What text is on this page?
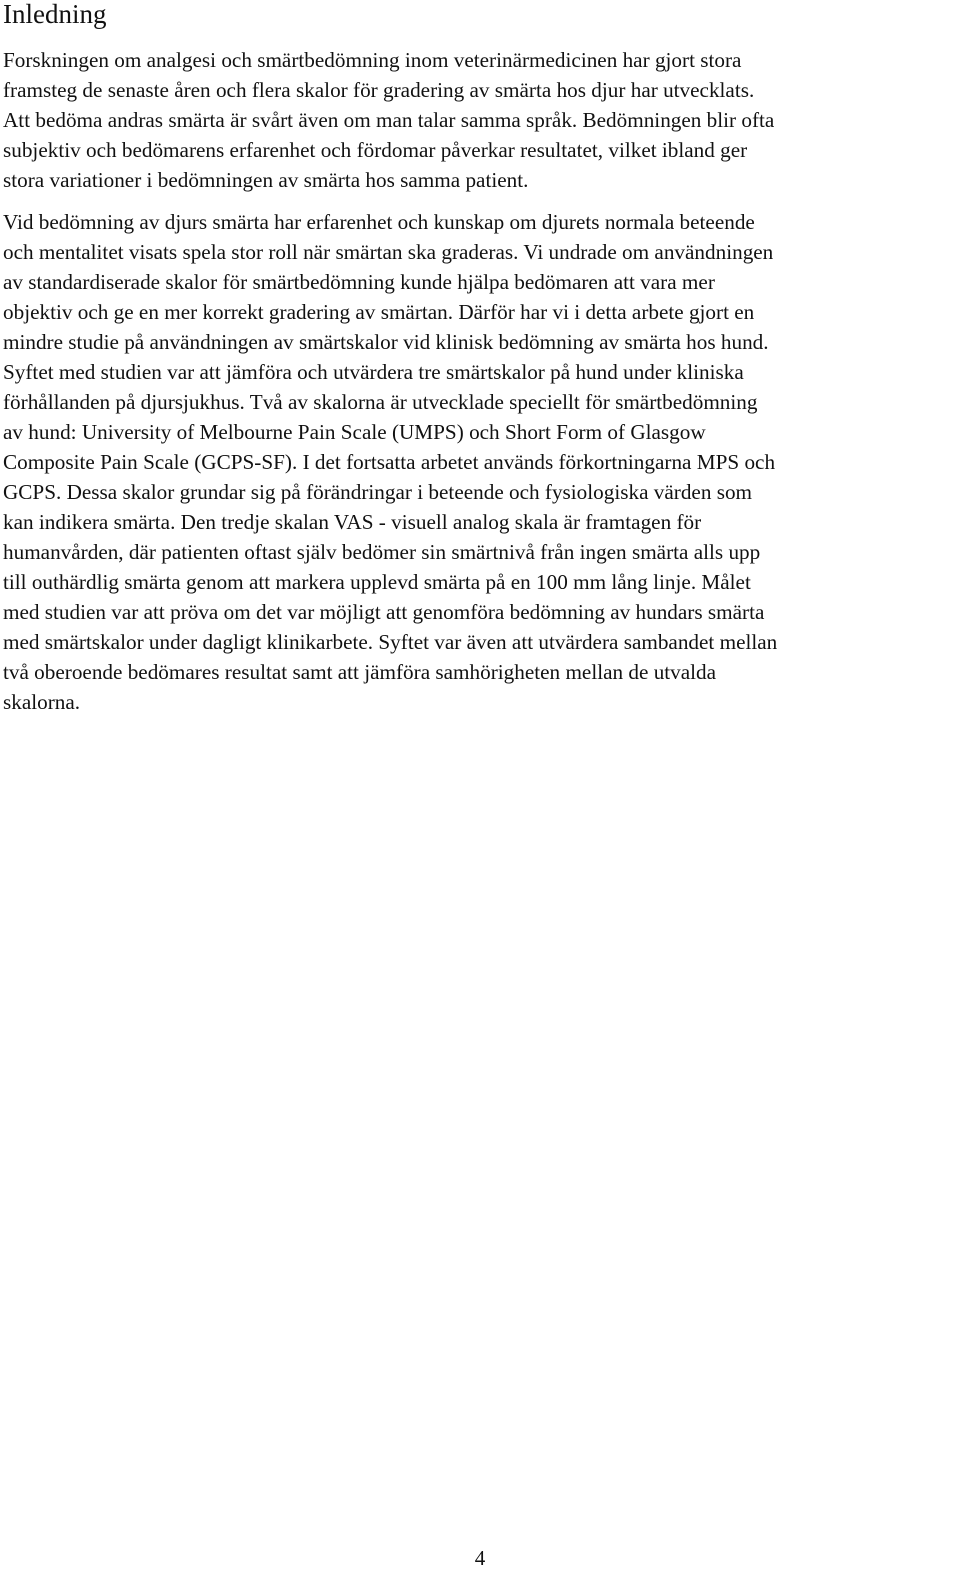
Inledning

Forskningen om analgesi och smärtbedömning inom veterinärmedicinen har gjort stora
framsteg de senaste åren och flera skalor för gradering av smärta hos djur har utvecklats.
Att bedöma andras smärta är svårt även om man talar samma språk. Bedömningen blir ofta
subjektiv och bedömarens erfarenhet och fördomar påverkar resultatet, vilket ibland ger
stora variationer i bedömningen av smärta hos samma patient.

Vid bedömning av djurs smärta har erfarenhet och kunskap om djurets normala beteende
och mentalitet visats spela stor roll när smärtan ska graderas. Vi undrade om användningen
av standardiserade skalor för smärtbedömning kunde hjälpa bedömaren att vara mer
objektiv och ge en mer korrekt gradering av smärtan. Därför har vi i detta arbete gjort en
mindre studie på användningen av smärtskalor vid klinisk bedömning av smärta hos hund.
Syftet med studien var att jämföra och utvärdera tre smärtskalor på hund under kliniska
förhållanden på djursjukhus. Två av skalorna är utvecklade speciellt för smärtbedömning
av hund: University of Melbourne Pain Scale (UMPS) och Short Form of Glasgow
Composite Pain Scale (GCPS-SF). I det fortsatta arbetet används förkortningarna MPS och
GCPS. Dessa skalor grundar sig på förändringar i beteende och fysiologiska värden som
kan indikera smärta. Den tredje skalan VAS - visuell analog skala är framtagen för
humanvården, där patienten oftast själv bedömer sin smärtnivå från ingen smärta alls upp
till outhärdlig smärta genom att markera upplevd smärta på en 100 mm lång linje. Målet
med studien var att pröva om det var möjligt att genomföra bedömning av hundars smärta
med smärtskalor under dagligt klinikarbete. Syftet var även att utvärdera sambandet mellan
två oberoende bedömares resultat samt att jämföra samhörigheten mellan de utvalda
skalorna.

4
